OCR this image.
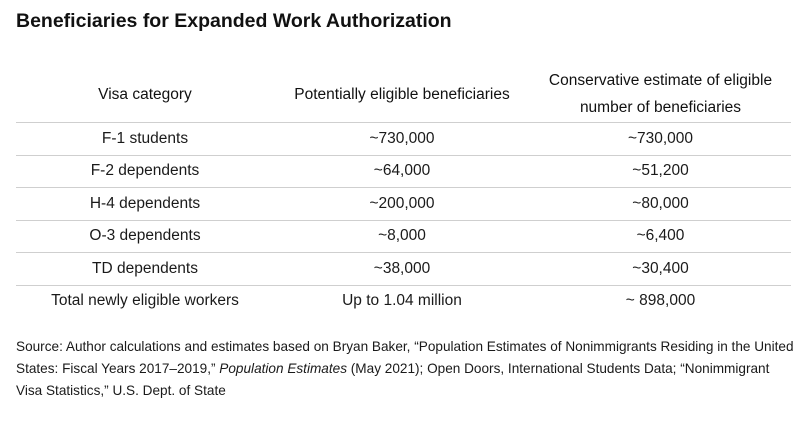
Beneficiaries for Expanded Work Authorization
Visa category	Potentially eligible beneficiaries	Conservative estimate of eligible number of beneficiaries
F-1 students	~730,000	~730,000
F-2 dependents	~64,000	~51,200
H-4 dependents	~200,000	~80,000
O-3 dependents	~8,000	~6,400
TD dependents	~38,000	~30,400
Total newly eligible workers	Up to 1.04 million	~ 898,000
Source: Author calculations and estimates based on Bryan Baker, “Population Estimates of Nonimmigrants Residing in the United States: Fiscal Years 2017–2019,” Population Estimates (May 2021); Open Doors, International Students Data; “Nonimmigrant Visa Statistics,” U.S. Dept. of State
